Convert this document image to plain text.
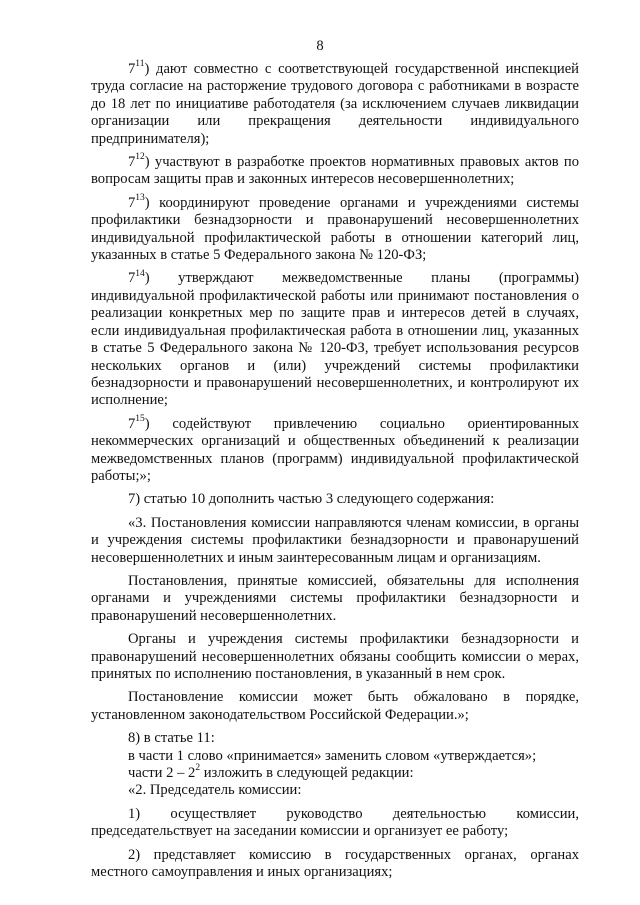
8

$7^{11}$) дают совместно с соответствующей государственной инспекцией труда согласие на расторжение трудового договора с работниками в возрасте до 18 лет по инициативе работодателя (за исключением случаев ликвидации организации или прекращения деятельности индивидуального предпринимателя);

$7^{12}$) участвуют в разработке проектов нормативных правовых актов по вопросам защиты прав и законных интересов несовершеннолетних;

$7^{13}$) координируют проведение органами и учреждениями системы профилактики безнадзорности и правонарушений несовершеннолетних индивидуальной профилактической работы в отношении категорий лиц, указанных в статье 5 Федерального закона № 120-ФЗ;

$7^{14}$) утверждают межведомственные планы (программы) индивидуальной профилактической работы или принимают постановления о реализации конкретных мер по защите прав и интересов детей в случаях, если индивидуальная профилактическая работа в отношении лиц, указанных в статье 5 Федерального закона № 120-ФЗ, требует использования ресурсов нескольких органов и (или) учреждений системы профилактики безнадзорности и правонарушений несовершеннолетних, и контролируют их исполнение;

$7^{15}$) содействуют привлечению социально ориентированных некоммерческих организаций и общественных объединений к реализации межведомственных планов (программ) индивидуальной профилактической работы;»;

7) статью 10 дополнить частью 3 следующего содержания:

«3. Постановления комиссии направляются членам комиссии, в органы и учреждения системы профилактики безнадзорности и правонарушений несовершеннолетних и иным заинтересованным лицам и организациям.

Постановления, принятые комиссией, обязательны для исполнения органами и учреждениями системы профилактики безнадзорности и правонарушений несовершеннолетних.

Органы и учреждения системы профилактики безнадзорности и правонарушений несовершеннолетних обязаны сообщить комиссии о мерах, принятых по исполнению постановления, в указанный в нем срок.

Постановление комиссии может быть обжаловано в порядке, установленном законодательством Российской Федерации.»;

8) в статье 11:

в части 1 слово «принимается» заменить словом «утверждается»;

части $2 - 2^2$ изложить в следующей редакции:

«2. Председатель комиссии:

1) осуществляет руководство деятельностью комиссии, председательствует на заседании комиссии и организует ее работу;

2) представляет комиссию в государственных органах, органах местного самоуправления и иных организациях;
